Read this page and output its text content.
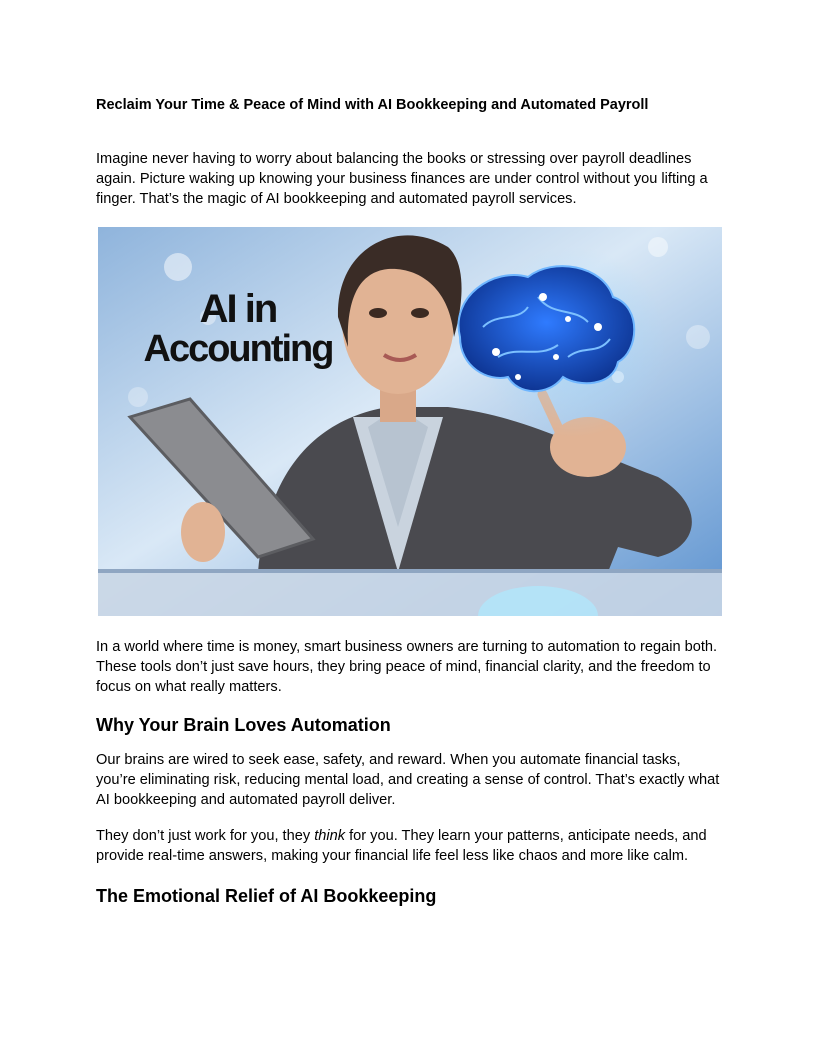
Reclaim Your Time & Peace of Mind with AI Bookkeeping and Automated Payroll
Imagine never having to worry about balancing the books or stressing over payroll deadlines again. Picture waking up knowing your business finances are under control without you lifting a finger. That’s the magic of AI bookkeeping and automated payroll services.
In a world where time is money, smart business owners are turning to automation to regain both. These tools don’t just save hours, they bring peace of mind, financial clarity, and the freedom to focus on what really matters.
Why Your Brain Loves Automation
Our brains are wired to seek ease, safety, and reward. When you automate financial tasks, you’re eliminating risk, reducing mental load, and creating a sense of control. That’s exactly what AI bookkeeping and automated payroll deliver.
They don’t just work for you, they think for you. They learn your patterns, anticipate needs, and provide real-time answers, making your financial life feel less like chaos and more like calm.
The Emotional Relief of AI Bookkeeping
AI in
Accounting
